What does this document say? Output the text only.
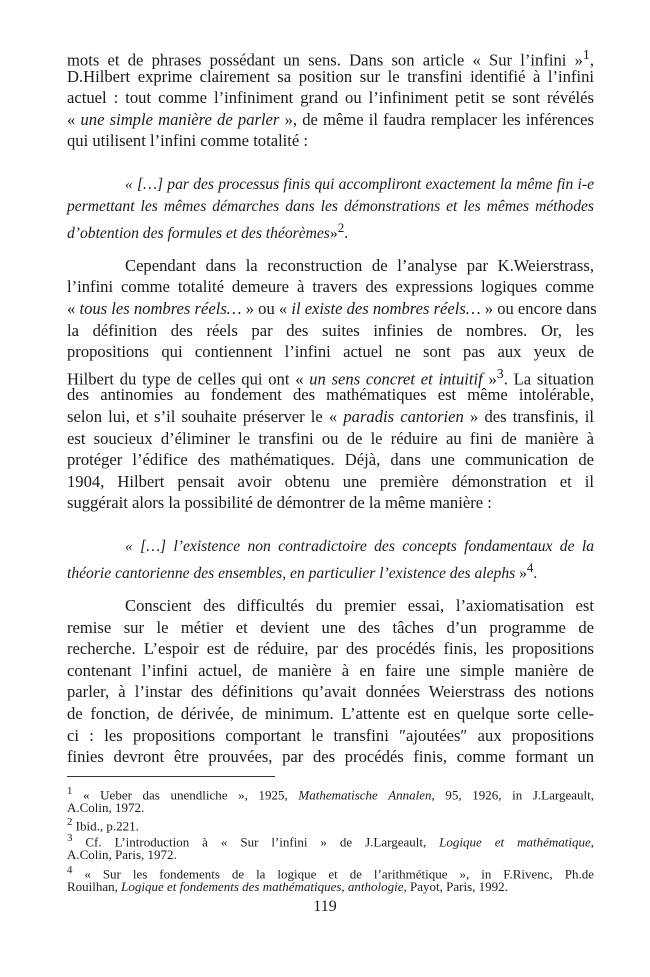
mots et de phrases possédant un sens. Dans son article « Sur l’infini »$^1$,
D.Hilbert exprime clairement sa position sur le transfini identifié à l’infini
actuel : tout comme l’infiniment grand ou l’infiniment petit se sont révélés
« une simple manière de parler », de même il faudra remplacer les inférences
qui utilisent l’infini comme totalité :
« […] par des processus finis qui accompliront exactement la même fin i-e
permettant les mêmes démarches dans les démonstrations et les mêmes méthodes
d’obtention des formules et des théorèmes»$^2$.
Cependant dans la reconstruction de l’analyse par K.Weierstrass,
l’infini comme totalité demeure à travers des expressions logiques comme
« tous les nombres réels… » ou « il existe des nombres réels… » ou encore dans
la définition des réels par des suites infinies de nombres. Or, les
propositions qui contiennent l’infini actuel ne sont pas aux yeux de
Hilbert du type de celles qui ont « un sens concret et intuitif »$^3$. La situation
des antinomies au fondement des mathématiques est même intolérable,
selon lui, et s’il souhaite préserver le « paradis cantorien » des transfinis, il
est soucieux d’éliminer le transfini ou de le réduire au fini de manière à
protéger l’édifice des mathématiques. Déjà, dans une communication de
1904, Hilbert pensait avoir obtenu une première démonstration et il
suggérait alors la possibilité de démontrer de la même manière :
« […] l’existence non contradictoire des concepts fondamentaux de la
théorie cantorienne des ensembles, en particulier l’existence des alephs »$^4$.
Conscient des difficultés du premier essai, l’axiomatisation est
remise sur le métier et devient une des tâches d’un programme de
recherche. L’espoir est de réduire, par des procédés finis, les propositions
contenant l’infini actuel, de manière à en faire une simple manière de
parler, à l’instar des définitions qu’avait données Weierstrass des notions
de fonction, de dérivée, de minimum. L’attente est en quelque sorte celle-
ci : les propositions comportant le transfini ″ajoutées″ aux propositions
finies devront être prouvées, par des procédés finis, comme formant un
$^1$ « Ueber das unendliche », 1925, Mathematische Annalen, 95, 1926, in J.Largeault,
A.Colin, 1972.
$^2$ Ibid., p.221.
$^3$ Cf. L’introduction à « Sur l’infini » de J.Largeault, Logique et mathématique,
A.Colin, Paris, 1972.
$^4$ « Sur les fondements de la logique et de l’arithmétique », in F.Rivenc, Ph.de
Rouilhan, Logique et fondements des mathématiques, anthologie, Payot, Paris, 1992.
119
